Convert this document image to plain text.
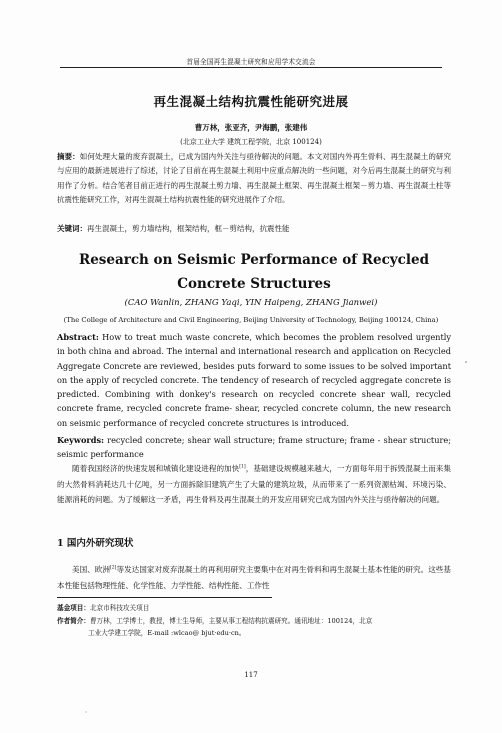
首届全国再生混凝土研究和应用学术交流会
再生混凝土结构抗震性能研究进展
曹万林，张亚齐，尹海鹏，张建伟
(北京工业大学 建筑工程学院，北京 100124)

摘要：如何处理大量的废弃混凝土，已成为国内外关注与亟待解决的问题。本文对国内外再生骨料、再生混凝土的研究与应用的最新进展进行了综述，讨论了目前在再生混凝土利用中应重点解决的一些问题，对今后再生混凝土的研究与利用作了分析。结合笔者目前正进行的再生混凝土剪力墙、再生混凝土框架、再生混凝土框架－剪力墙、再生混凝土柱等抗震性能研究工作，对再生混凝土结构抗震性能的研究进展作了介绍。

关键词：再生混凝土，剪力墙结构，框架结构，框－剪结构，抗震性能

Research on Seismic Performance of Recycled Concrete Structures
(CAO Wanlin, ZHANG Yaqi, YIN Haipeng, ZHANG Jianwei)
(The College of Architecture and Civil Engineering, Beijing University of Technology, Beijing 100124, China)

Abstract: How to treat much waste concrete, which becomes the problem resolved urgently in both china and abroad. The internal and international research and application on Recycled Aggregate Concrete are reviewed, besides puts forward to some issues to be solved important on the apply of recycled concrete. The tendency of research of recycled aggregate concrete is predicted. Combining with donkey's research on recycled concrete shear wall, recycled concrete frame, recycled concrete frame- shear, recycled concrete column, the new research on seismic performance of recycled concrete structures is introduced.

Keywords: recycled concrete; shear wall structure; frame structure; frame - shear structure; seismic performance

随着我国经济的快速发展和城镇化建设进程的加快[1]，基础建设规模越来越大，一方面每年用于拆毁混凝土而来集的大然骨料消耗达几十亿吨，另一方面拆除旧建筑产生了大量的建筑垃圾，从而带来了一系列资源枯竭、环境污染、能源消耗的问题。为了缓解这一矛盾，再生骨料及再生混凝土的开发应用研究已成为国内外关注与亟待解决的问题。

1 国内外研究现状

美国、欧洲[2]等发达国家对废弃混凝土的再利用研究主要集中在对再生骨料和再生混凝土基本性能的研究。这些基本性能包括物理性能、化学性能、力学性能、结构性能、工作性

基金项目：北京市科技攻关项目

作者简介：曹万林，工学博士，教授，博士生导师，主要从事工程结构抗震研究。通讯地址：100124，北京

工业大学建工学院，E-mail :wlcao@ bjut·edu·cn。

117
